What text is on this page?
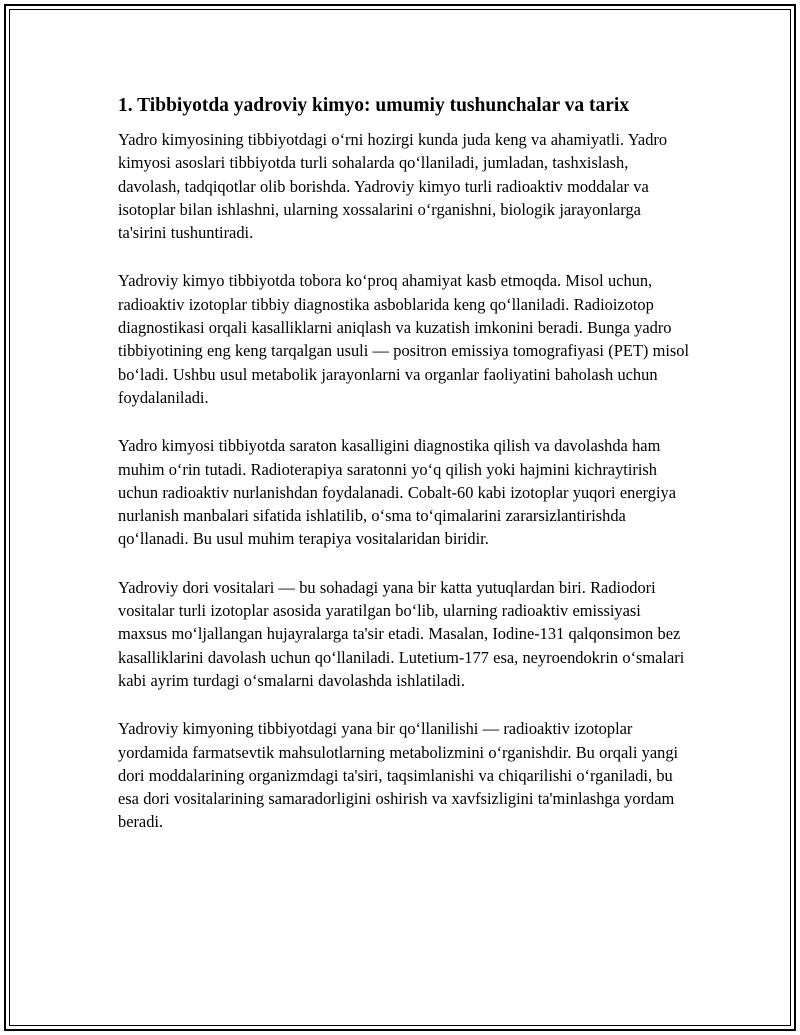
1. Tibbiyotda yadroviy kimyo: umumiy tushunchalar va tarix

Yadro kimyosining tibbiyotdagi o‘rni hozirgi kunda juda keng va ahamiyatli. Yadro kimyosi asoslari tibbiyotda turli sohalarda qo‘llaniladi, jumladan, tashxislash, davolash, tadqiqotlar olib borishda. Yadroviy kimyo turli radioaktiv moddalar va isotoplar bilan ishlashni, ularning xossalarini o‘rganishni, biologik jarayonlarga ta'sirini tushuntiradi.

Yadroviy kimyo tibbiyotda tobora ko‘proq ahamiyat kasb etmoqda. Misol uchun, radioaktiv izotoplar tibbiy diagnostika asboblarida keng qo‘llaniladi. Radioizotop diagnostikasi orqali kasalliklarni aniqlash va kuzatish imkonini beradi. Bunga yadro tibbiyotining eng keng tarqalgan usuli — positron emissiya tomografiyasi (PET) misol bo‘ladi. Ushbu usul metabolik jarayonlarni va organlar faoliyatini baholash uchun foydalaniladi.

Yadro kimyosi tibbiyotda saraton kasalligini diagnostika qilish va davolashda ham muhim o‘rin tutadi. Radioterapiya saratonni yo‘q qilish yoki hajmini kichraytirish uchun radioaktiv nurlanishdan foydalanadi. Cobalt-60 kabi izotoplar yuqori energiya nurlanish manbalari sifatida ishlatilib, o‘sma to‘qimalarini zararsizlantirishda qo‘llanadi. Bu usul muhim terapiya vositalaridan biridir.

Yadroviy dori vositalari — bu sohadagi yana bir katta yutuqlardan biri. Radiodori vositalar turli izotoplar asosida yaratilgan bo‘lib, ularning radioaktiv emissiyasi maxsus mo‘ljallangan hujayralarga ta'sir etadi. Masalan, Iodine-131 qalqonsimon bez kasalliklarini davolash uchun qo‘llaniladi. Lutetium-177 esa, neyroendokrin o‘smalari kabi ayrim turdagi o‘smalarni davolashda ishlatiladi.

Yadroviy kimyoning tibbiyotdagi yana bir qo‘llanilishi — radioaktiv izotoplar yordamida farmatsevtik mahsulotlarning metabolizmini o‘rganishdir. Bu orqali yangi dori moddalarining organizmdagi ta'siri, taqsimlanishi va chiqarilishi o‘rganiladi, bu esa dori vositalarining samaradorligini oshirish va xavfsizligini ta'minlashga yordam beradi.
